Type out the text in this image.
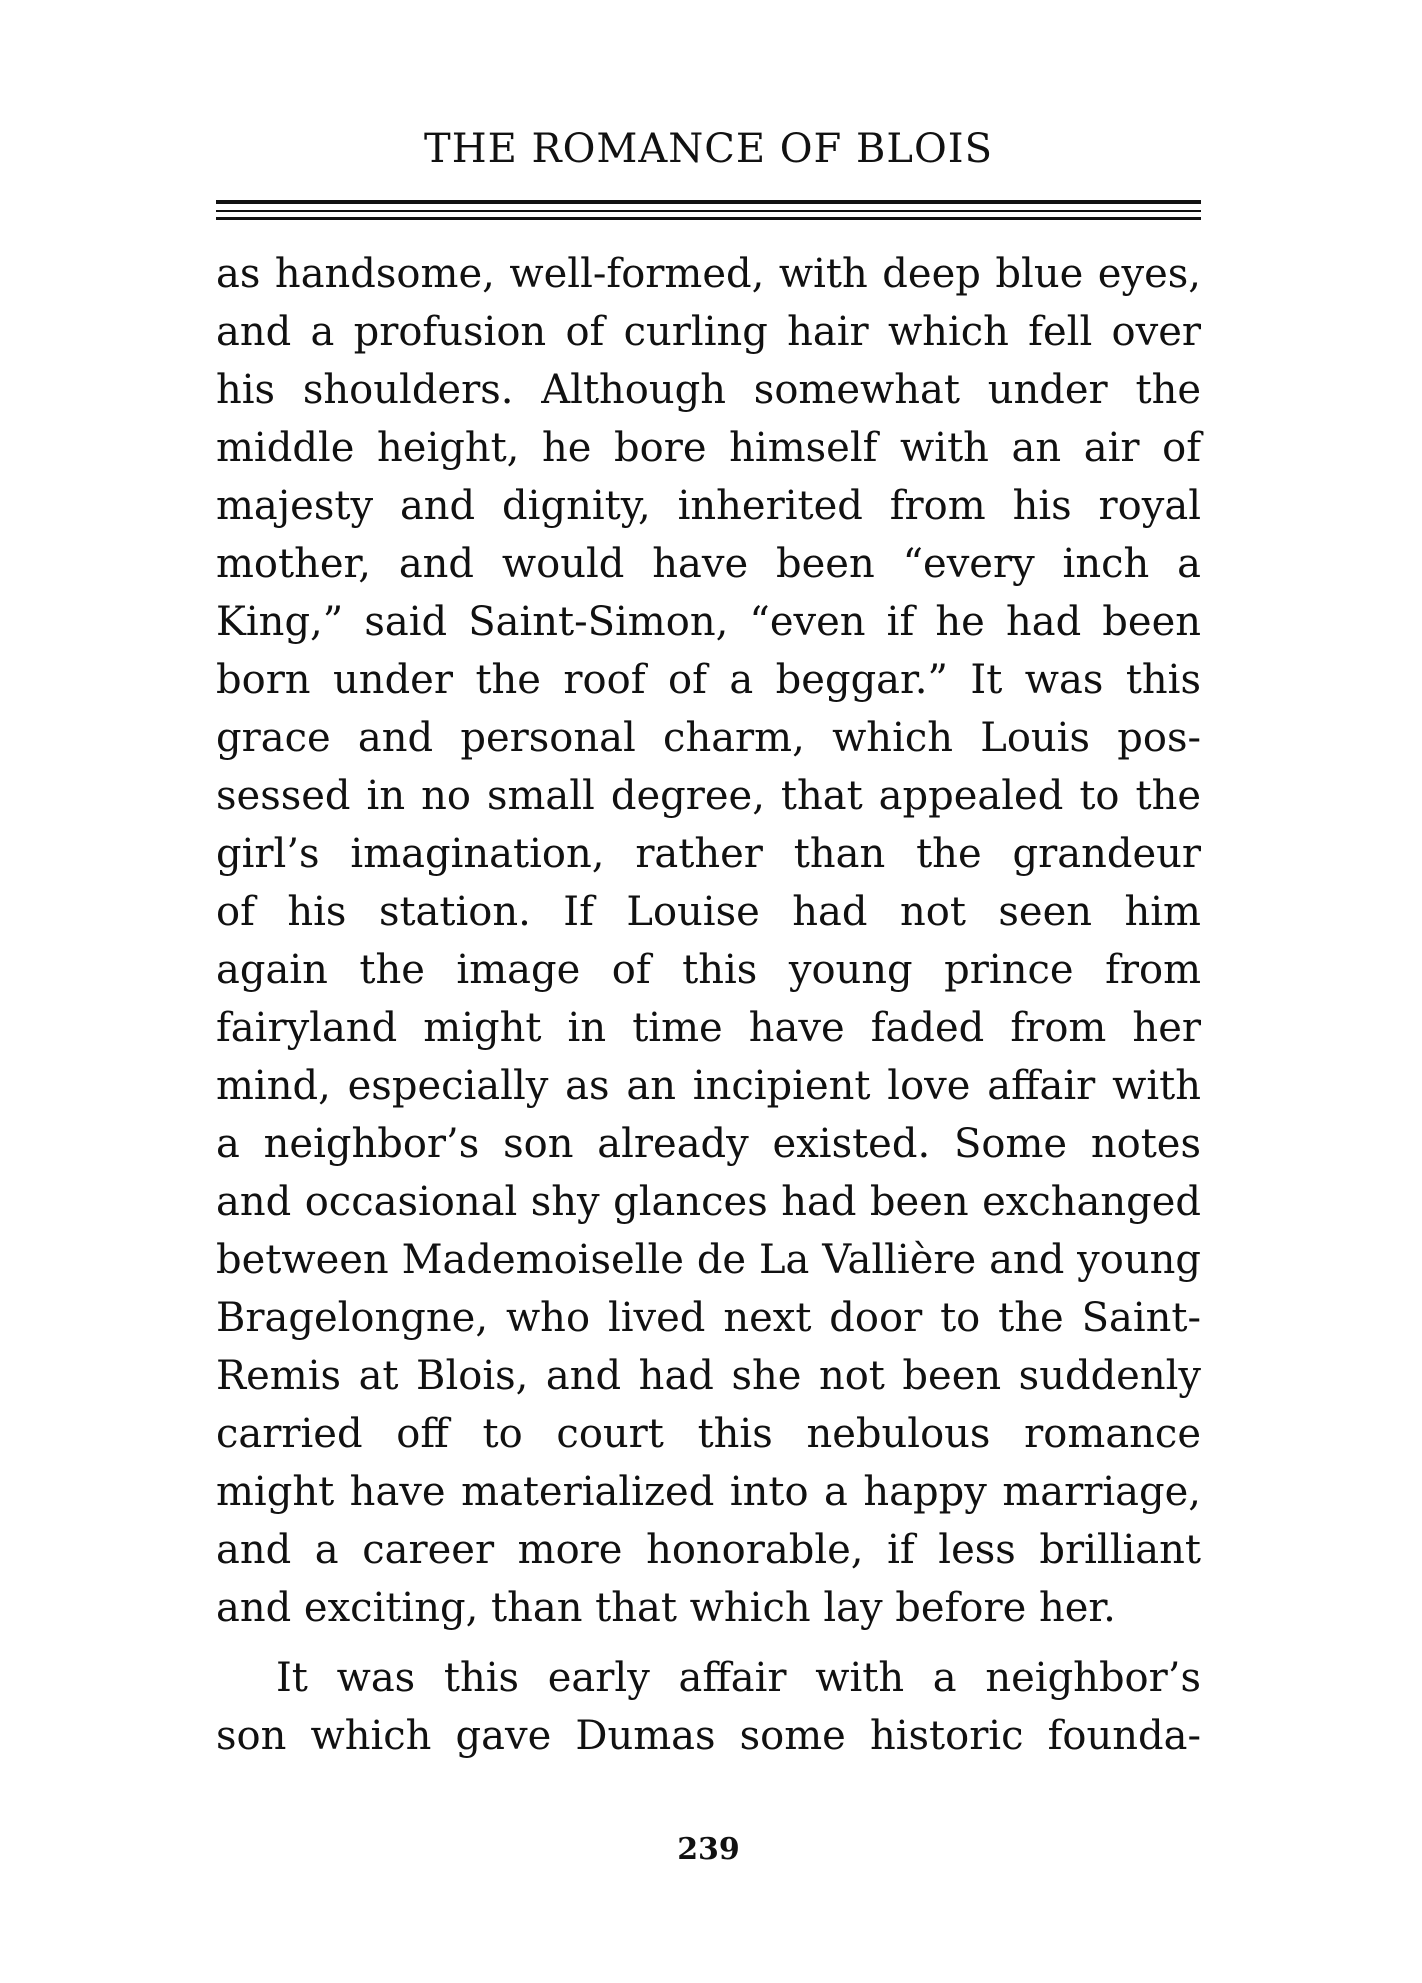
THE ROMANCE OF BLOIS
as handsome, well-formed, with deep blue eyes,
and a profusion of curling hair which fell over
his shoulders. Although somewhat under the
middle height, he bore himself with an air of
majesty and dignity, inherited from his royal
mother, and would have been “every inch a
King,” said Saint-Simon, “even if he had been
born under the roof of a beggar.” It was this
grace and personal charm, which Louis pos-
sessed in no small degree, that appealed to the
girl’s imagination, rather than the grandeur
of his station. If Louise had not seen him
again the image of this young prince from
fairyland might in time have faded from her
mind, especially as an incipient love affair with
a neighbor’s son already existed. Some notes
and occasional shy glances had been exchanged
between Mademoiselle de La Vallière and young
Bragelongne, who lived next door to the Saint-
Remis at Blois, and had she not been suddenly
carried off to court this nebulous romance
might have materialized into a happy marriage,
and a career more honorable, if less brilliant
and exciting, than that which lay before her.
It was this early affair with a neighbor’s
son which gave Dumas some historic founda-
239
